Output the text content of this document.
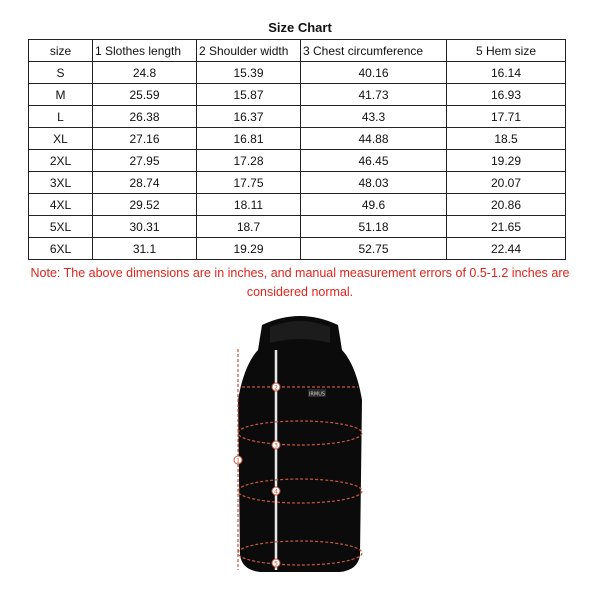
Size Chart
size	1 Slothes length	2 Shoulder width	3 Chest circumference	5 Hem size
S	24.8	15.39	40.16	16.14
M	25.59	15.87	41.73	16.93
L	26.38	16.37	43.3	17.71
XL	27.16	16.81	44.88	18.5
2XL	27.95	17.28	46.45	19.29
3XL	28.74	17.75	48.03	20.07
4XL	29.52	18.11	49.6	20.86
5XL	30.31	18.7	51.18	21.65
6XL	31.1	19.29	52.75	22.44
Note: The above dimensions are in inches, and manual measurement errors of 0.5-1.2 inches are considered normal.
IRMUS
1
2
3
4
5
